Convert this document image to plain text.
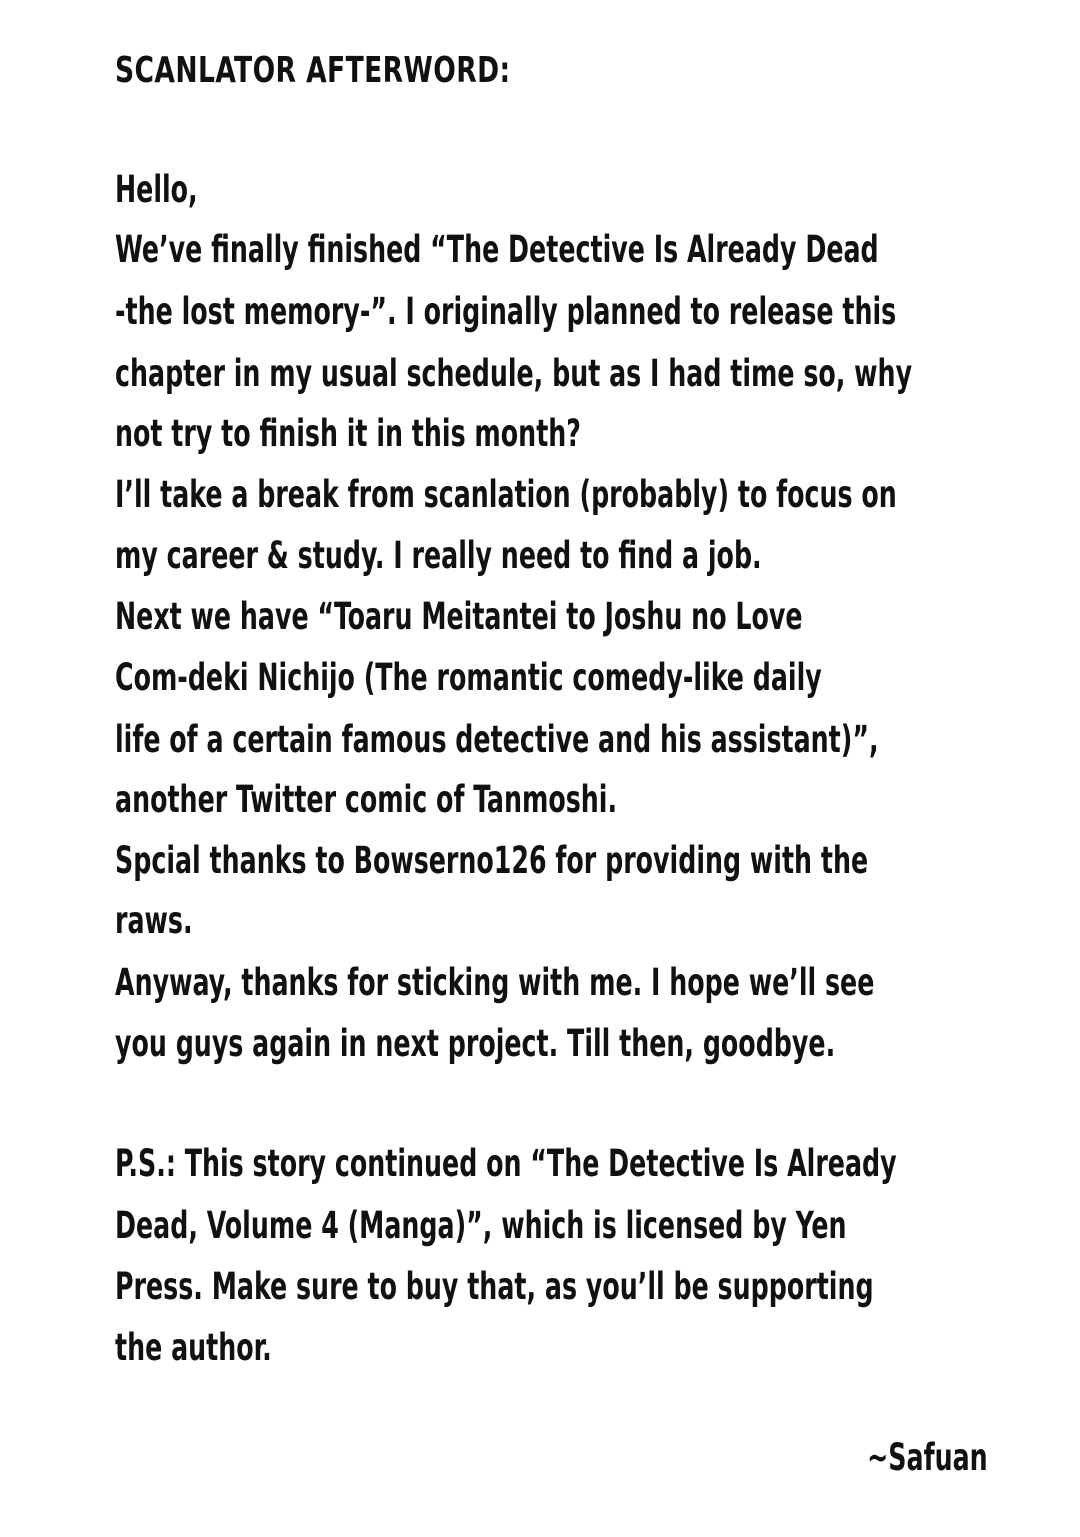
SCANLATOR AFTERWORD:
Hello,
We’ve finally finished “The Detective Is Already Dead
-the lost memory-”. I originally planned to release this
chapter in my usual schedule, but as I had time so, why
not try to finish it in this month?
I’ll take a break from scanlation (probably) to focus on
my career & study. I really need to find a job.
Next we have “Toaru Meitantei to Joshu no Love
Com-deki Nichijo (The romantic comedy-like daily
life of a certain famous detective and his assistant)”,
another Twitter comic of Tanmoshi.
Spcial thanks to Bowserno126 for providing with the
raws.
Anyway, thanks for sticking with me. I hope we’ll see
you guys again in next project. Till then, goodbye.
P.S.: This story continued on “The Detective Is Already
Dead, Volume 4 (Manga)”, which is licensed by Yen
Press. Make sure to buy that, as you’ll be supporting
the author.
~Safuan
